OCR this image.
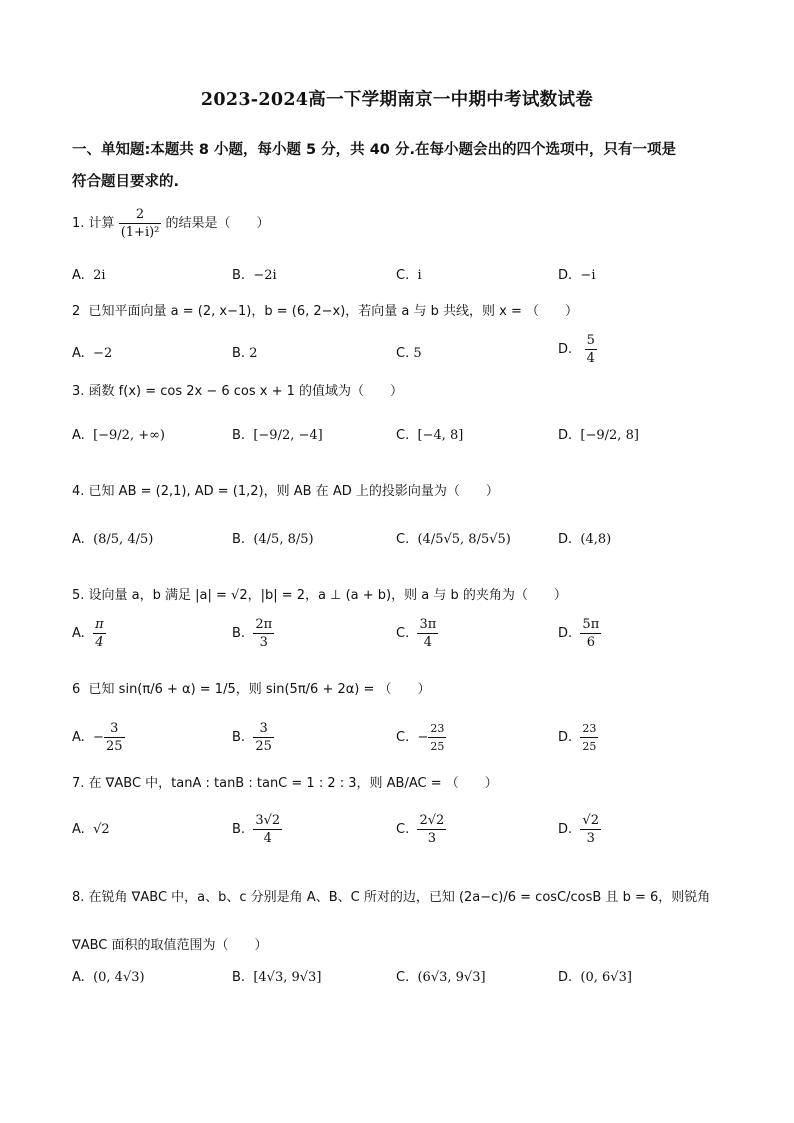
2023-2024高一下学期南京一中期中考试数试卷
一、单知题:本题共 8 小题，每小题 5 分，共 40 分.在每小题会出的四个选项中，只有一项是
符合题目要求的.
1. 计算 $\frac{2}{\text{(1+i)²}}$ 的结果是（　　）
A. 2i	B. −2i	C. i	D. −i
2 已知平面向量 a = (2, x−1)，b = (6, 2−x)，若向量 a 与 b 共线，则 x = （　　）
A. −2	B. 2	C. 5	D. $\frac{5}{4}$
3. 函数 f(x) = cos 2x − 6 cos x + 1 的值域为（　　）
A. [−9/2, +∞)	B. [−9/2, −4]	C. [−4, 8]	D. [−9/2, 8]
4. 已知 AB = (2,1), AD = (1,2)，则 AB 在 AD 上的投影向量为（　　）
A. (8/5, 4/5)	B. (4/5, 8/5)	C. (4/5√5, 8/5√5)	D. (4,8)
5. 设向量 a，b 满足 |a| = √2，|b| = 2，a ⊥ (a + b)，则 a 与 b 的夹角为（　　）
A. $\frac{\pi}{4}$	B. $\frac{2\pi}{3}$	C. $\frac{3\pi}{4}$	D. $\frac{5\pi}{6}$
6 已知 sin(π/6 + α) = 1/5，则 sin(5π/6 + 2α) = （　　）
A. − $\frac{3}{25}$	B. $\frac{3}{25}$	C. − $\frac{23}{25}$	D. $\frac{23}{25}$
7. 在 ∇ABC 中，tanA : tanB : tanC = 1 : 2 : 3，则 AB/AC = （　　）
A. √2	B. $\frac{3√2}{4}$	C. $\frac{2√2}{3}$	D. $\frac{√2}{3}$
8. 在锐角 ∇ABC 中，a、b、c 分别是角 A、B、C 所对的边，已知 (2a−c)/6 = cosC/cosB 且 b = 6，则锐角
∇ABC 面积的取值范围为（　　）
A. (0, 4√3)	B. [4√3, 9√3]	C. (6√3, 9√3]	D. (0, 6√3]
